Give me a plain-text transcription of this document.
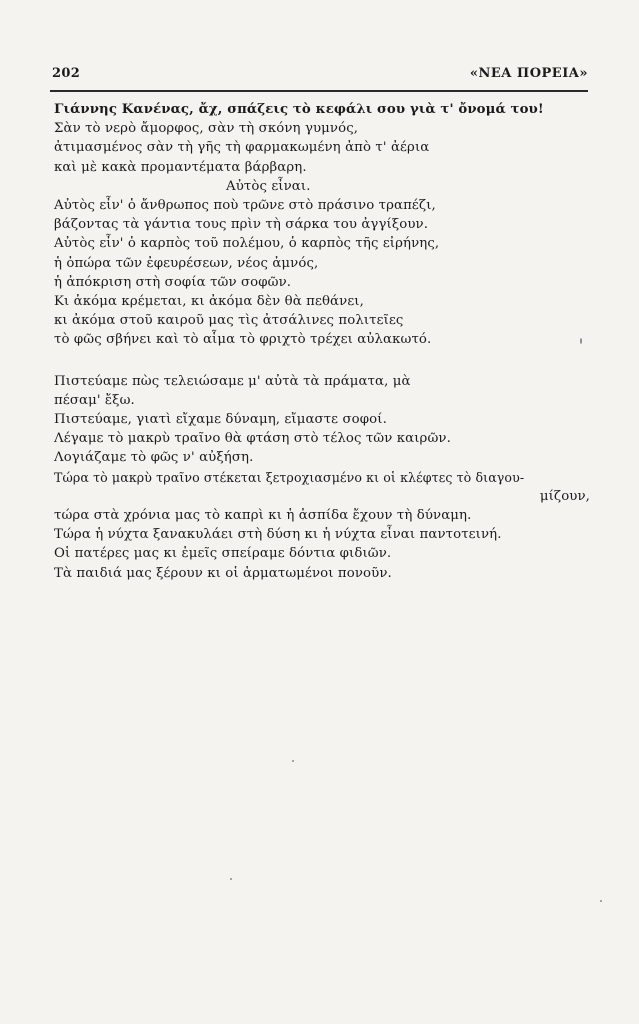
202	«ΝΕΑ ΠΟΡΕΙΑ»
Γιάννης Κανένας, ἄχ, σπάζεις τὸ κεφάλι σου γιὰ τ' ὄνομά του!
Σὰν τὸ νερὸ ἄμορφος, σὰν τὴ σκόνη γυμνός,
ἀτιμασμένος σὰν τὴ γῆς τὴ φαρμακωμένη ἀπὸ τ' ἀέρια
καὶ μὲ κακὰ προμαντέματα βάρβαρη.
Αὐτὸς εἶναι.
Αὐτὸς εἶν' ὁ ἄνθρωπος ποὺ τρῶνε στὸ πράσινο τραπέζι,
βάζοντας τὰ γάντια τους πρὶν τὴ σάρκα του ἀγγίξουν.
Αὐτὸς εἶν' ὁ καρπὸς τοῦ πολέμου, ὁ καρπὸς τῆς εἰρήνης,
ἡ ὀπώρα τῶν ἐφευρέσεων, νέος ἀμνός,
ἡ ἀπόκριση στὴ σοφία τῶν σοφῶν.
Κι ἀκόμα κρέμεται, κι ἀκόμα δὲν θὰ πεθάνει,
κι ἀκόμα στοῦ καιροῦ μας τὶς ἀτσάλινες πολιτεῖες
τὸ φῶς σβήνει καὶ τὸ αἷμα τὸ φριχτὸ τρέχει αὐλακωτό.
Πιστεύαμε πὼς τελειώσαμε μ' αὐτὰ τὰ πράματα, μὰ
πέσαμ' ἔξω.
Πιστεύαμε, γιατὶ εἴχαμε δύναμη, εἴμαστε σοφοί.
Λέγαμε τὸ μακρὺ τραῖνο θὰ φτάση στὸ τέλος τῶν καιρῶν.
Λογιάζαμε τὸ φῶς ν' αὐξήση.
Τώρα τὸ μακρὺ τραῖνο στέκεται ξετροχιασμένο κι οἱ κλέφτες τὸ διαγου-
μίζουν,
τώρα στὰ χρόνια μας τὸ καπρὶ κι ἡ ἀσπίδα ἔχουν τὴ δύναμη.
Τώρα ἡ νύχτα ξανακυλάει στὴ δύση κι ἡ νύχτα εἶναι παντοτεινή.
Οἱ πατέρες μας κι ἐμεῖς σπείραμε δόντια φιδιῶν.
Τὰ παιδιά μας ξέρουν κι οἱ ἁρματωμένοι πονοῦν.
